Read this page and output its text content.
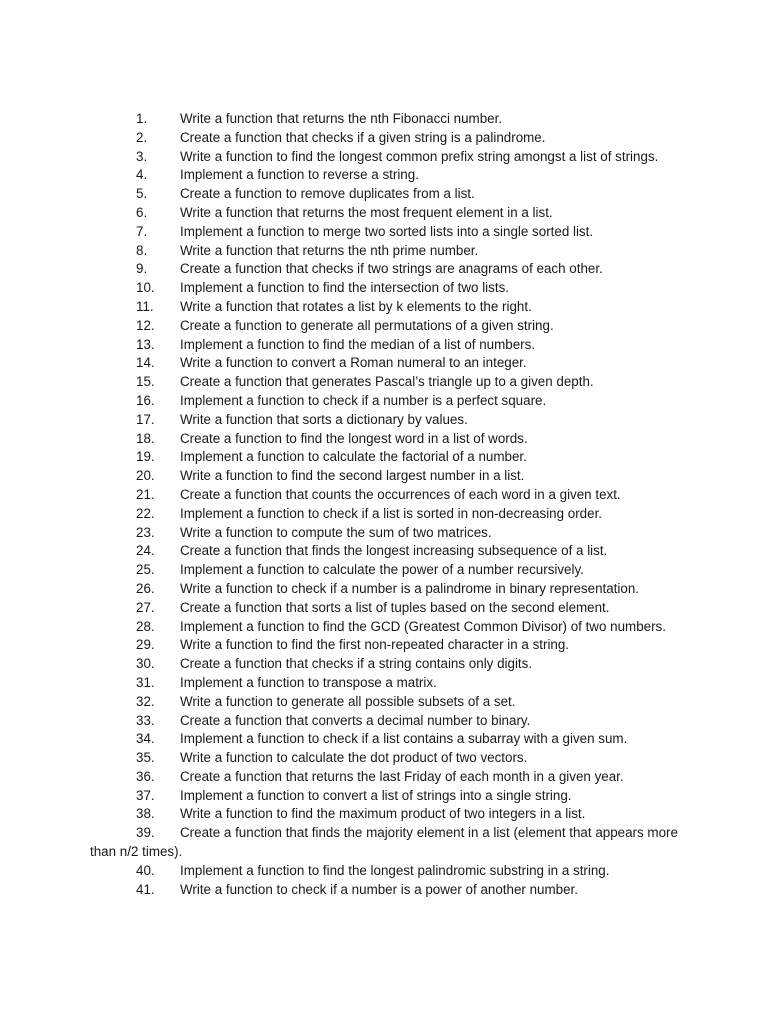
1. Write a function that returns the nth Fibonacci number.
2. Create a function that checks if a given string is a palindrome.
3. Write a function to find the longest common prefix string amongst a list of strings.
4. Implement a function to reverse a string.
5. Create a function to remove duplicates from a list.
6. Write a function that returns the most frequent element in a list.
7. Implement a function to merge two sorted lists into a single sorted list.
8. Write a function that returns the nth prime number.
9. Create a function that checks if two strings are anagrams of each other.
10. Implement a function to find the intersection of two lists.
11. Write a function that rotates a list by k elements to the right.
12. Create a function to generate all permutations of a given string.
13. Implement a function to find the median of a list of numbers.
14. Write a function to convert a Roman numeral to an integer.
15. Create a function that generates Pascal’s triangle up to a given depth.
16. Implement a function to check if a number is a perfect square.
17. Write a function that sorts a dictionary by values.
18. Create a function to find the longest word in a list of words.
19. Implement a function to calculate the factorial of a number.
20. Write a function to find the second largest number in a list.
21. Create a function that counts the occurrences of each word in a given text.
22. Implement a function to check if a list is sorted in non-decreasing order.
23. Write a function to compute the sum of two matrices.
24. Create a function that finds the longest increasing subsequence of a list.
25. Implement a function to calculate the power of a number recursively.
26. Write a function to check if a number is a palindrome in binary representation.
27. Create a function that sorts a list of tuples based on the second element.
28. Implement a function to find the GCD (Greatest Common Divisor) of two numbers.
29. Write a function to find the first non-repeated character in a string.
30. Create a function that checks if a string contains only digits.
31. Implement a function to transpose a matrix.
32. Write a function to generate all possible subsets of a set.
33. Create a function that converts a decimal number to binary.
34. Implement a function to check if a list contains a subarray with a given sum.
35. Write a function to calculate the dot product of two vectors.
36. Create a function that returns the last Friday of each month in a given year.
37. Implement a function to convert a list of strings into a single string.
38. Write a function to find the maximum product of two integers in a list.
39. Create a function that finds the majority element in a list (element that appears more than n/2 times).
40. Implement a function to find the longest palindromic substring in a string.
41. Write a function to check if a number is a power of another number.
